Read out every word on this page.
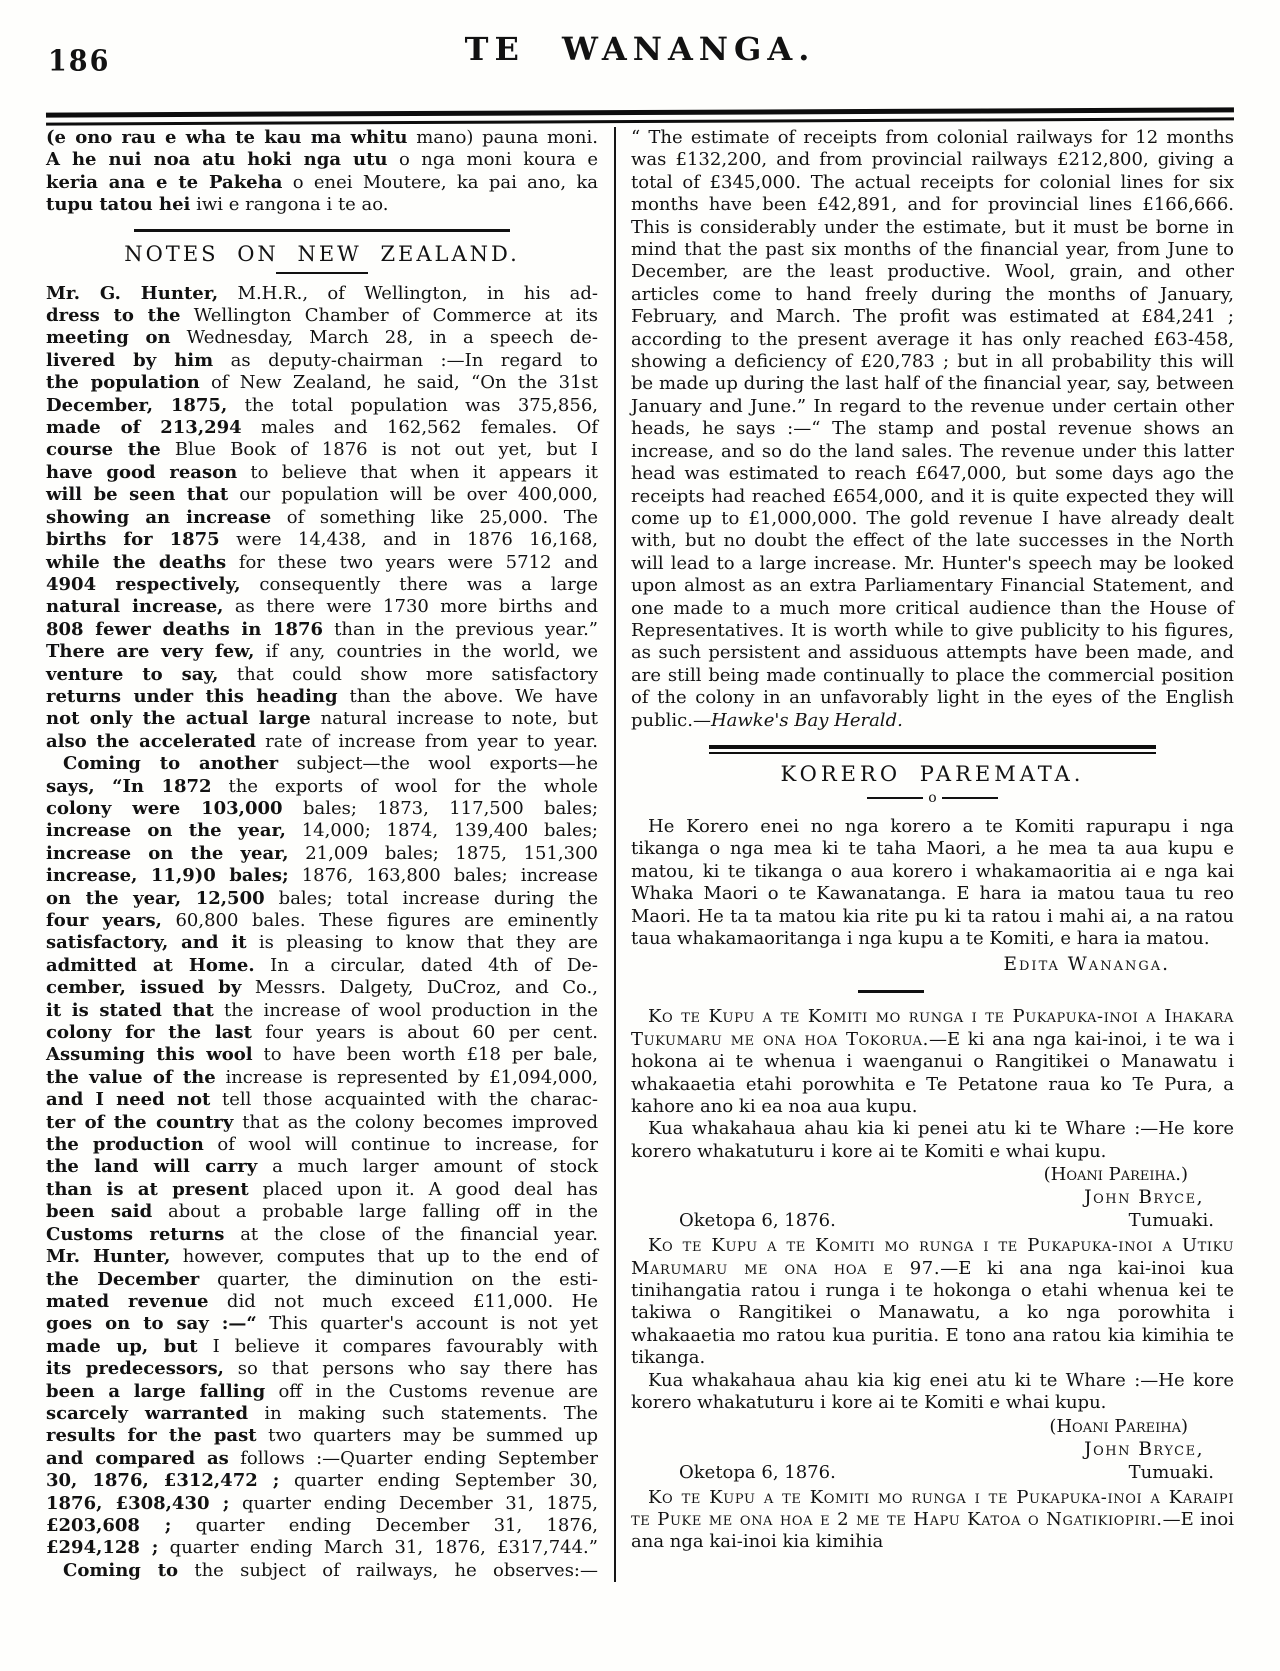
186	TE WANANGA.
(e ono rau e wha te kau ma whitu mano) pauna moni.
A he nui noa atu hoki nga utu o nga moni koura e
keria ana e te Pakeha o enei Moutere, ka pai ano, ka
tupu tatou hei iwi e rangona i te ao.
NOTES ON NEW ZEALAND.
Mr. G. Hunter, M.H.R., of Wellington, in his ad-
dress to the Wellington Chamber of Commerce at its
meeting on Wednesday, March 28, in a speech de-
livered by him as deputy-chairman :—In regard to
the population of New Zealand, he said, “On the 31st
December, 1875, the total population was 375,856,
made of 213,294 males and 162,562 females. Of
course the Blue Book of 1876 is not out yet, but I
have good reason to believe that when it appears it
will be seen that our population will be over 400,000,
showing an increase of something like 25,000. The
births for 1875 were 14,438, and in 1876 16,168,
while the deaths for these two years were 5712 and
4904 respectively, consequently there was a large
natural increase, as there were 1730 more births and
808 fewer deaths in 1876 than in the previous year.”
There are very few, if any, countries in the world, we
venture to say, that could show more satisfactory
returns under this heading than the above. We have
not only the actual large natural increase to note, but
also the accelerated rate of increase from year to year.
Coming to another subject—the wool exports—he
says, “In 1872 the exports of wool for the whole
colony were 103,000 bales; 1873, 117,500 bales;
increase on the year, 14,000; 1874, 139,400 bales;
increase on the year, 21,009 bales; 1875, 151,300
increase, 11,9)0 bales; 1876, 163,800 bales; increase
on the year, 12,500 bales; total increase during the
four years, 60,800 bales. These figures are eminently
satisfactory, and it is pleasing to know that they are
admitted at Home. In a circular, dated 4th of De-
cember, issued by Messrs. Dalgety, DuCroz, and Co.,
it is stated that the increase of wool production in the
colony for the last four years is about 60 per cent.
Assuming this wool to have been worth £18 per bale,
the value of the increase is represented by £1,094,000,
and I need not tell those acquainted with the charac-
ter of the country that as the colony becomes improved
the production of wool will continue to increase, for
the land will carry a much larger amount of stock
than is at present placed upon it. A good deal has
been said about a probable large falling off in the
Customs returns at the close of the financial year.
Mr. Hunter, however, computes that up to the end of
the December quarter, the diminution on the esti-
mated revenue did not much exceed £11,000. He
goes on to say :—“ This quarter's account is not yet
made up, but I believe it compares favourably with
its predecessors, so that persons who say there has
been a large falling off in the Customs revenue are
scarcely warranted in making such statements. The
results for the past two quarters may be summed up
and compared as follows :—Quarter ending September
30, 1876, £312,472 ; quarter ending September 30,
1876, £308,430 ; quarter ending December 31, 1875,
£203,608 ; quarter ending December 31, 1876,
£294,128 ; quarter ending March 31, 1876, £317,744.”
Coming to the subject of railways, he observes:—

“ The estimate of receipts from colonial railways for 12 months was £132,200, and from provincial railways £212,800, giving a total of £345,000. The actual receipts for colonial lines for six months have been £42,891, and for provincial lines £166,666. This is considerably under the estimate, but it must be borne in mind that the past six months of the financial year, from June to December, are the least productive. Wool, grain, and other articles come to hand freely during the months of January, February, and March. The profit was estimated at £84,241 ; according to the present average it has only reached £63-458, showing a deficiency of £20,783 ; but in all probability this will be made up during the last half of the financial year, say, between January and June.” In regard to the revenue under certain other heads, he says :—“ The stamp and postal revenue shows an increase, and so do the land sales. The revenue under this latter head was estimated to reach £647,000, but some days ago the receipts had reached £654,000, and it is quite expected they will come up to £1,000,000. The gold revenue I have already dealt with, but no doubt the effect of the late successes in the North will lead to a large increase. Mr. Hunter's speech may be looked upon almost as an extra Parliamentary Financial Statement, and one made to a much more critical audience than the House of Representatives. It is worth while to give publicity to his figures, as such persistent and assiduous attempts have been made, and are still being made continually to place the commercial position of the colony in an unfavorably light in the eyes of the English public.—Hawke's Bay Herald.

KORERO PAREMATA.
o

He Korero enei no nga korero a te Komiti rapurapu i nga tikanga o nga mea ki te taha Maori, a he mea ta aua kupu e matou, ki te tikanga o aua korero i whakamaoritia ai e nga kai Whaka Maori o te Kawanatanga. E hara ia matou taua tu reo Maori. He ta ta matou kia rite pu ki ta ratou i mahi ai, a na ratou taua whakamaoritanga i nga kupu a te Komiti, e hara ia matou.

Edita Wananga.

Ko te Kupu a te Komiti mo runga i te Pukapuka-inoi a Ihakara Tukumaru me ona hoa Tokorua.—E ki ana nga kai-inoi, i te wa i hokona ai te whenua i waenganui o Rangitikei o Manawatu i whakaaetia etahi porowhita e Te Petatone raua ko Te Pura, a kahore ano ki ea noa aua kupu.

Kua whakahaua ahau kia ki penei atu ki te Whare :—He kore korero whakatuturu i kore ai te Komiti e whai kupu.

(Hoani Pareiha.)
John Bryce,
Oketopa 6, 1876.	Tumuaki.

Ko te Kupu a te Komiti mo runga i te Pukapuka-inoi a Utiku Marumaru me ona hoa e 97.—E ki ana nga kai-inoi kua tinihangatia ratou i runga i te hokonga o etahi whenua kei te takiwa o Rangitikei o Manawatu, a ko nga porowhita i whakaaetia mo ratou kua puritia. E tono ana ratou kia kimihia te tikanga.

Kua whakahaua ahau kia kig enei atu ki te Whare :—He kore korero whakatuturu i kore ai te Komiti e whai kupu.

(Hoani Pareiha)
John Bryce,
Oketopa 6, 1876.	Tumuaki.

Ko te Kupu a te Komiti mo runga i te Pukapuka-inoi a Karaipi te Puke me ona hoa e 2 me te Hapu Katoa o Ngatikiopiri.—E inoi ana nga kai-inoi kia kimihia
